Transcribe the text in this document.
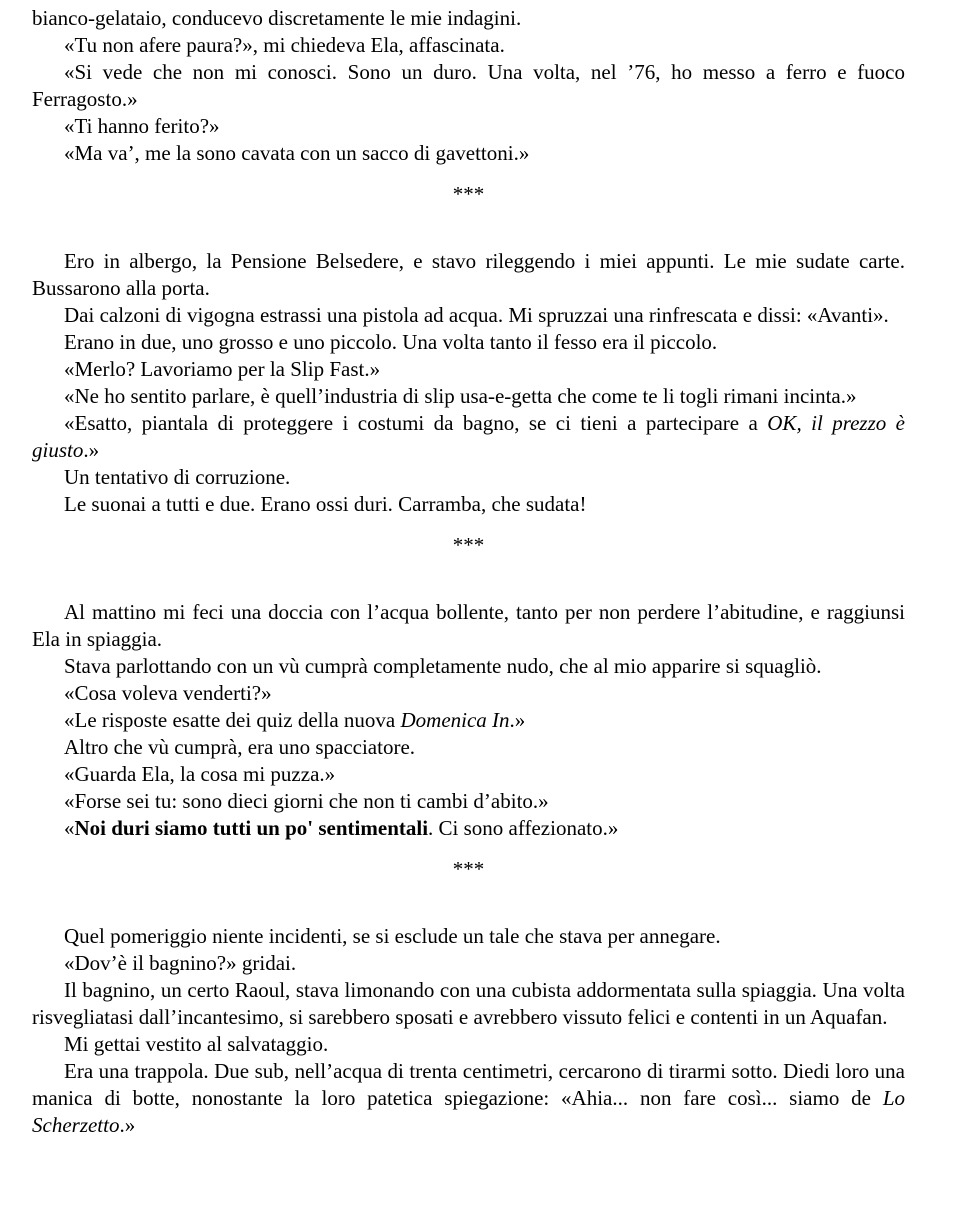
bianco-gelataio, conducevo discretamente le mie indagini.

«Tu non afere paura?», mi chiedeva Ela, affascinata.

«Si vede che non mi conosci. Sono un duro. Una volta, nel ’76, ho messo a ferro e fuoco Ferragosto.»

«Ti hanno ferito?»

«Ma va’, me la sono cavata con un sacco di gavettoni.»

***

Ero in albergo, la Pensione Belsedere, e stavo rileggendo i miei appunti. Le mie sudate carte. Bussarono alla porta.

Dai calzoni di vigogna estrassi una pistola ad acqua. Mi spruzzai una rinfrescata e dissi: «Avanti».

Erano in due, uno grosso e uno piccolo. Una volta tanto il fesso era il piccolo.

«Merlo? Lavoriamo per la Slip Fast.»

«Ne ho sentito parlare, è quell’industria di slip usa-e-getta che come te li togli rimani incinta.»

«Esatto, piantala di proteggere i costumi da bagno, se ci tieni a partecipare a OK, il prezzo è giusto.»

Un tentativo di corruzione.

Le suonai a tutti e due. Erano ossi duri. Carramba, che sudata!

***

Al mattino mi feci una doccia con l’acqua bollente, tanto per non perdere l’abitudine, e raggiunsi Ela in spiaggia.

Stava parlottando con un vù cumprà completamente nudo, che al mio apparire si squagliò.

«Cosa voleva venderti?»

«Le risposte esatte dei quiz della nuova Domenica In.»

Altro che vù cumprà, era uno spacciatore.

«Guarda Ela, la cosa mi puzza.»

«Forse sei tu: sono dieci giorni che non ti cambi d’abito.»

«Noi duri siamo tutti un po' sentimentali. Ci sono affezionato.»

***

Quel pomeriggio niente incidenti, se si esclude un tale che stava per annegare.

«Dov’è il bagnino?» gridai.

Il bagnino, un certo Raoul, stava limonando con una cubista addormentata sulla spiaggia. Una volta risvegliatasi dall’incantesimo, si sarebbero sposati e avrebbero vissuto felici e contenti in un Aquafan.

Mi gettai vestito al salvataggio.

Era una trappola. Due sub, nell’acqua di trenta centimetri, cercarono di tirarmi sotto. Diedi loro una manica di botte, nonostante la loro patetica spiegazione: «Ahia... non fare così... siamo de Lo Scherzetto.»
